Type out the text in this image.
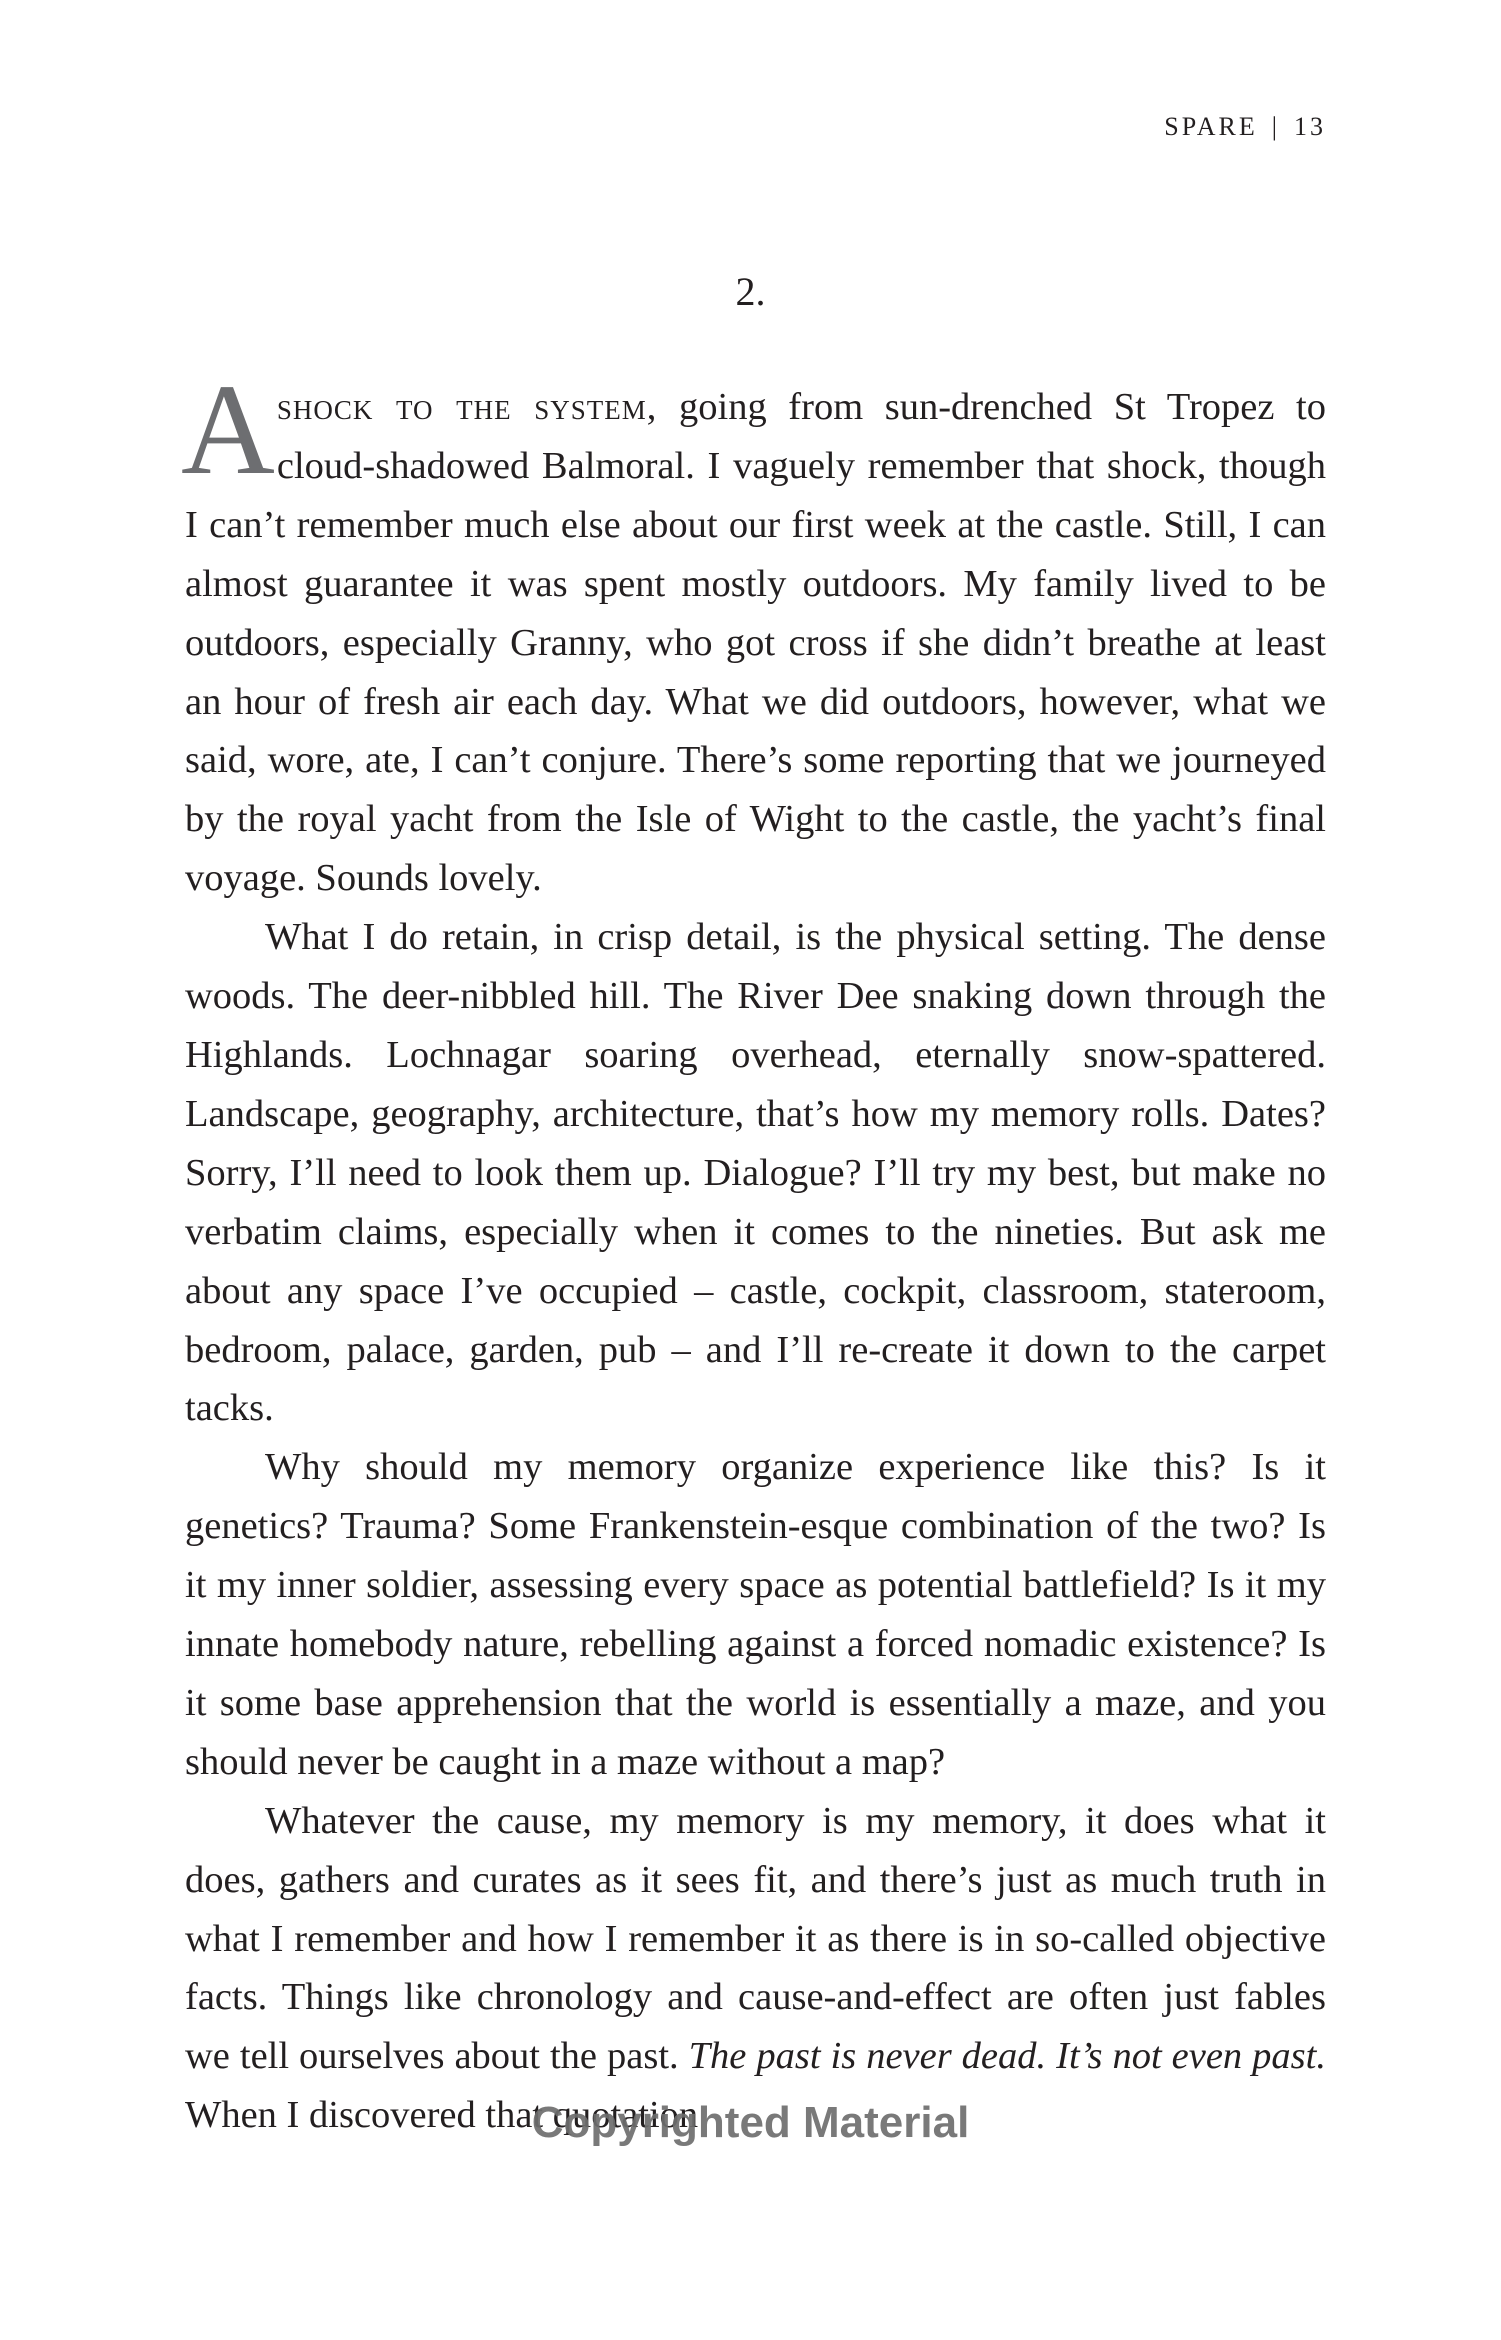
SPARE | 13
2.

Ashock to the system, going from sun-drenched St Tropez to cloud-shadowed Balmoral. I vaguely remember that shock, though I can’t remember much else about our first week at the castle. Still, I can almost guarantee it was spent mostly outdoors. My family lived to be outdoors, especially Granny, who got cross if she didn’t breathe at least an hour of fresh air each day. What we did outdoors, however, what we said, wore, ate, I can’t conjure. There’s some reporting that we journeyed by the royal yacht from the Isle of Wight to the castle, the yacht’s final voyage. Sounds lovely.

What I do retain, in crisp detail, is the physical setting. The dense woods. The deer-nibbled hill. The River Dee snaking down through the Highlands. Lochnagar soaring overhead, eternally snow-spattered. Landscape, geography, architecture, that’s how my memory rolls. Dates? Sorry, I’ll need to look them up. Dialogue? I’ll try my best, but make no verbatim claims, especially when it comes to the nineties. But ask me about any space I’ve occupied – castle, cockpit, classroom, stateroom, bedroom, palace, garden, pub – and I’ll re-create it down to the carpet tacks.

Why should my memory organize experience like this? Is it genetics? Trauma? Some Frankenstein-esque combination of the two? Is it my inner soldier, assessing every space as potential battlefield? Is it my innate homebody nature, rebelling against a forced nomadic existence? Is it some base apprehension that the world is essentially a maze, and you should never be caught in a maze without a map?

Whatever the cause, my memory is my memory, it does what it does, gathers and curates as it sees fit, and there’s just as much truth in what I remember and how I remember it as there is in so-called objective facts. Things like chronology and cause-and-effect are often just fables we tell ourselves about the past. The past is never dead. It’s not even past. When I discovered that quotation

Copyrighted Material
